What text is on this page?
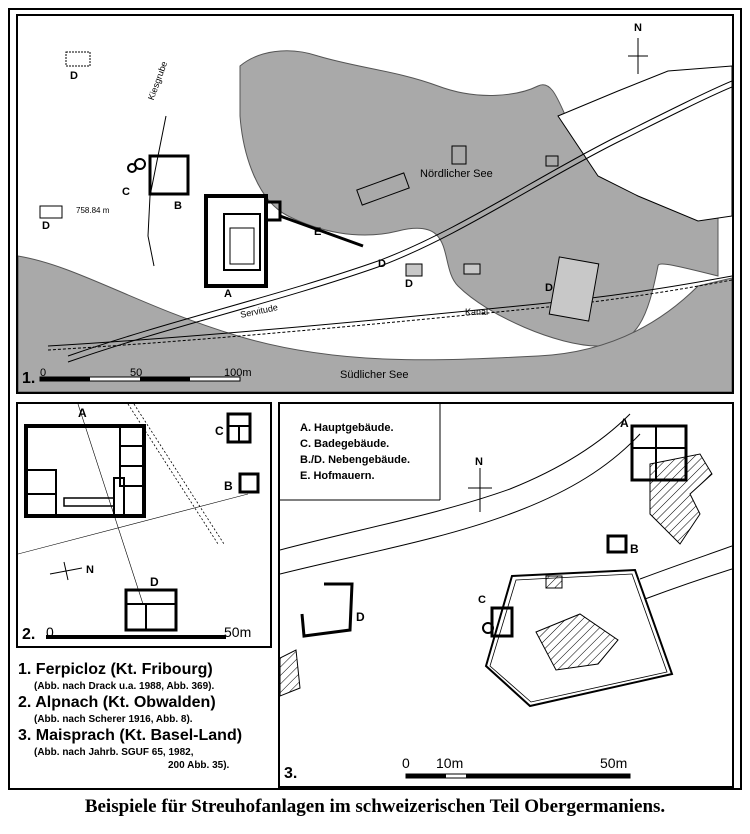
1.
Kiesgrube
758.84 m
Nördlicher See
Südlicher See
Servitude	Kanal
N
A
B
C
E
D
D
D
D	D
0	50	100m
2.
A
B
C
D
N
0	50m
1. Ferpicloz (Kt. Fribourg)
(Abb. nach Drack u.a. 1988, Abb. 369).
2. Alpnach (Kt. Obwalden)
(Abb. nach Scherer 1916, Abb. 8).
3. Maisprach (Kt. Basel-Land)
(Abb. nach Jahrb. SGUF 65, 1982,
200 Abb. 35).	3.
A
B
C
D
N
0 10m	50m
A. Hauptgebäude.
C. Badegebäude.
B./D. Nebengebäude.
E. Hofmauern.
Beispiele für Streuhofanlagen im schweizerischen Teil Obergermaniens.
